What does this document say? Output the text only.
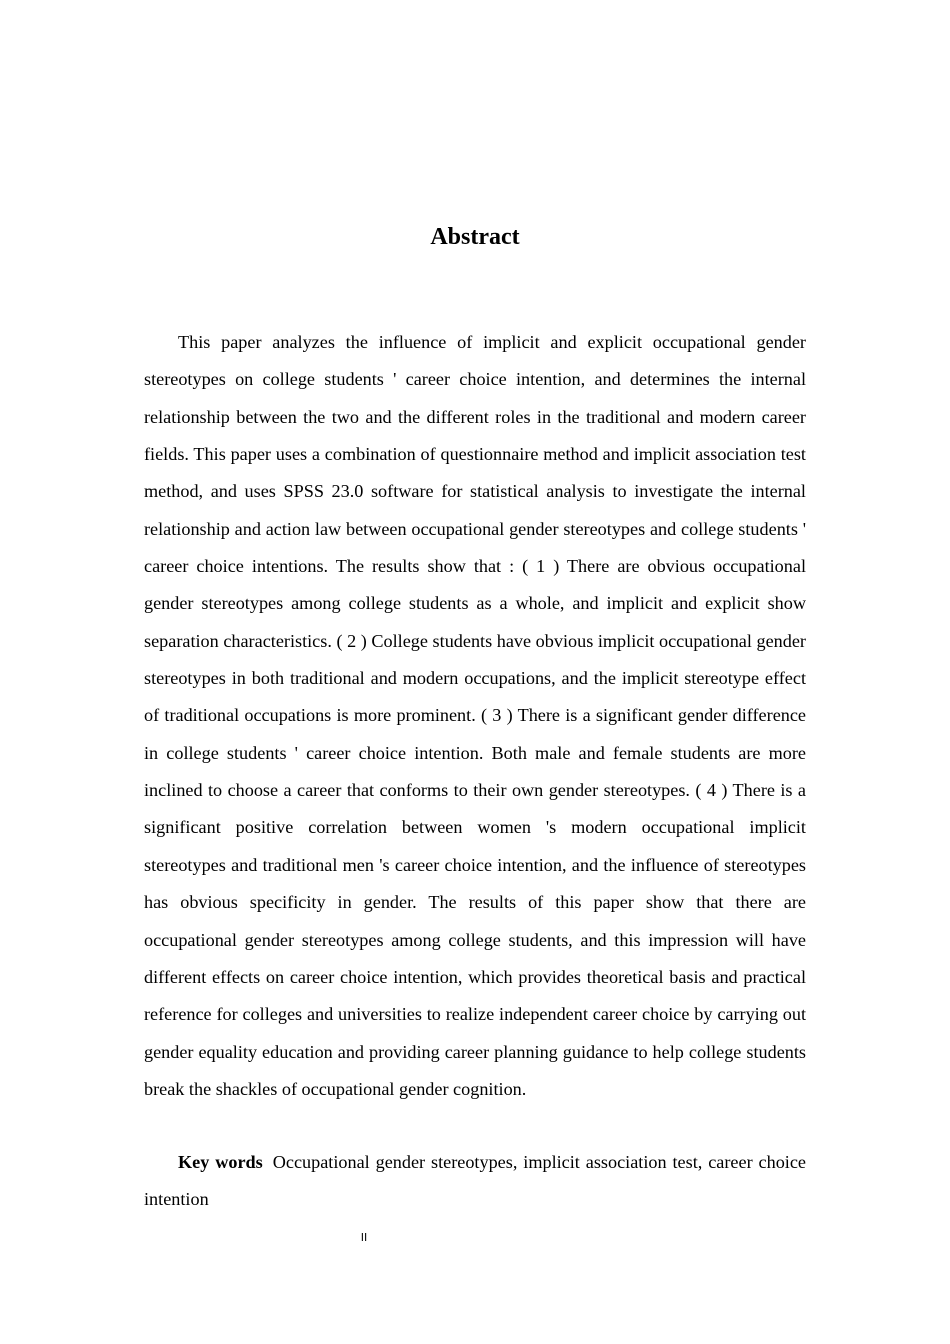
Abstract

This paper analyzes the influence of implicit and explicit occupational gender stereotypes on college students ' career choice intention, and determines the internal relationship between the two and the different roles in the traditional and modern career fields. This paper uses a combination of questionnaire method and implicit association test method, and uses SPSS 23.0 software for statistical analysis to investigate the internal relationship and action law between occupational gender stereotypes and college students ' career choice intentions. The results show that : ( 1 ) There are obvious occupational gender stereotypes among college students as a whole, and implicit and explicit show separation characteristics. ( 2 ) College students have obvious implicit occupational gender stereotypes in both traditional and modern occupations, and the implicit stereotype effect of traditional occupations is more prominent. ( 3 ) There is a significant gender difference in college students ' career choice intention. Both male and female students are more inclined to choose a career that conforms to their own gender stereotypes. ( 4 ) There is a significant positive correlation between women 's modern occupational implicit stereotypes and traditional men 's career choice intention, and the influence of stereotypes has obvious specificity in gender. The results of this paper show that there are occupational gender stereotypes among college students, and this impression will have different effects on career choice intention, which provides theoretical basis and practical reference for colleges and universities to realize independent career choice by carrying out gender equality education and providing career planning guidance to help college students break the shackles of occupational gender cognition.

Key words Occupational gender stereotypes, implicit association test, career choice intention

II
